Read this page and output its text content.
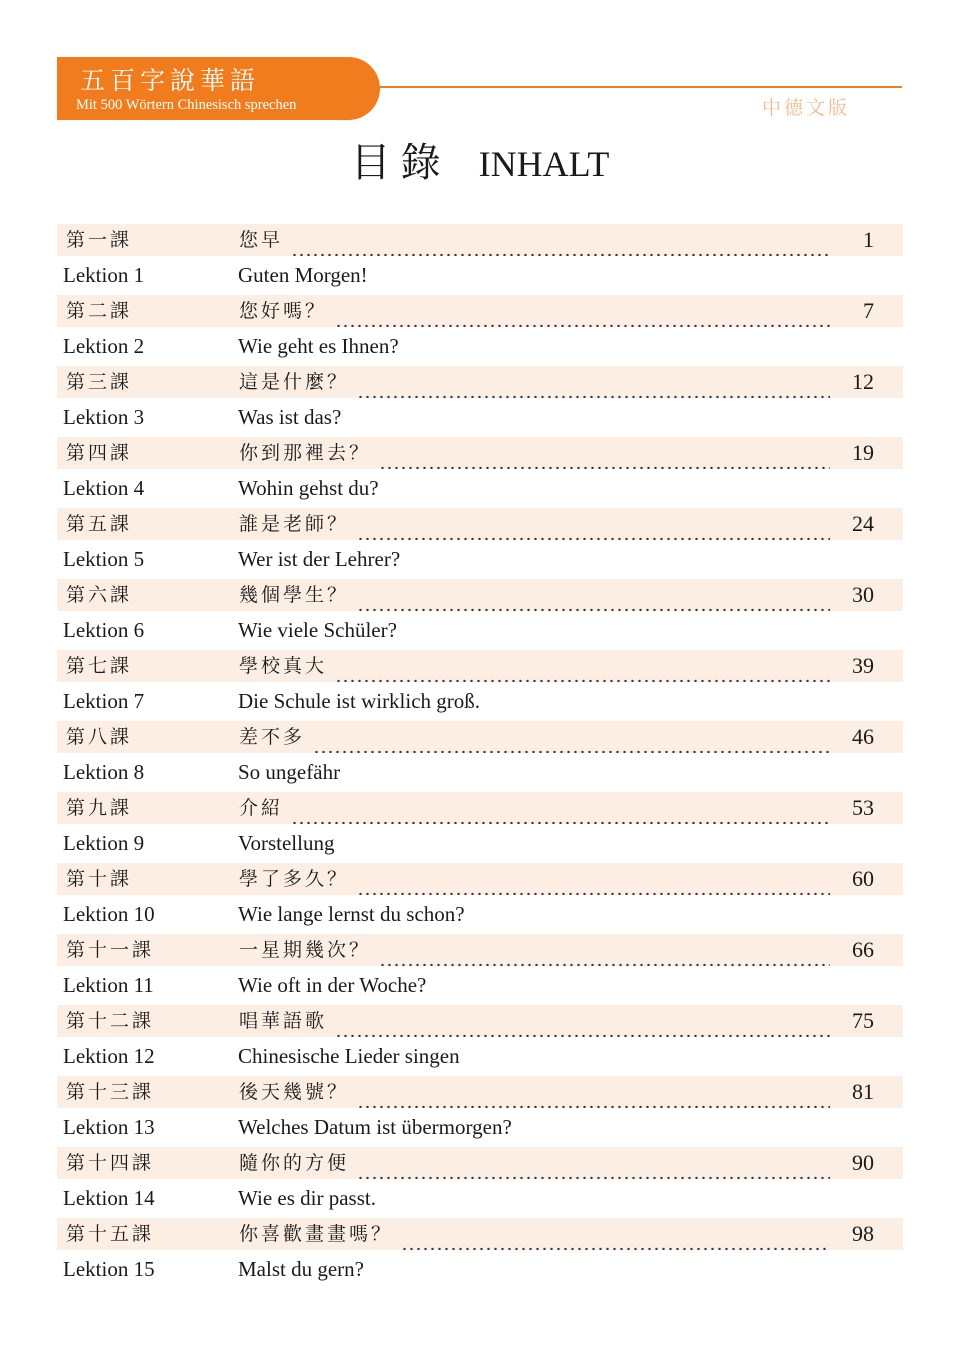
五百字說華語
Mit 500 Wörtern Chinesisch sprechen	中德文版
目錄 INHALT
第一課	您早	1
Lektion 1	Guten Morgen!
第二課	您好嗎？	7
Lektion 2	Wie geht es Ihnen?
第三課	這是什麼？	12
Lektion 3	Was ist das?
第四課	你到那裡去？	19
Lektion 4	Wohin gehst du?
第五課	誰是老師？	24
Lektion 5	Wer ist der Lehrer?
第六課	幾個學生？	30
Lektion 6	Wie viele Schüler?
第七課	學校真大	39
Lektion 7	Die Schule ist wirklich groß.
第八課	差不多	46
Lektion 8	So ungefähr
第九課	介紹	53
Lektion 9	Vorstellung
第十課	學了多久？	60
Lektion 10	Wie lange lernst du schon?
第十一課	一星期幾次？	66
Lektion 11	Wie oft in der Woche?
第十二課	唱華語歌	75
Lektion 12	Chinesische Lieder singen
第十三課	後天幾號？	81
Lektion 13	Welches Datum ist übermorgen?
第十四課	隨你的方便	90
Lektion 14	Wie es dir passt.
第十五課	你喜歡畫畫嗎？	98
Lektion 15	Malst du gern?
